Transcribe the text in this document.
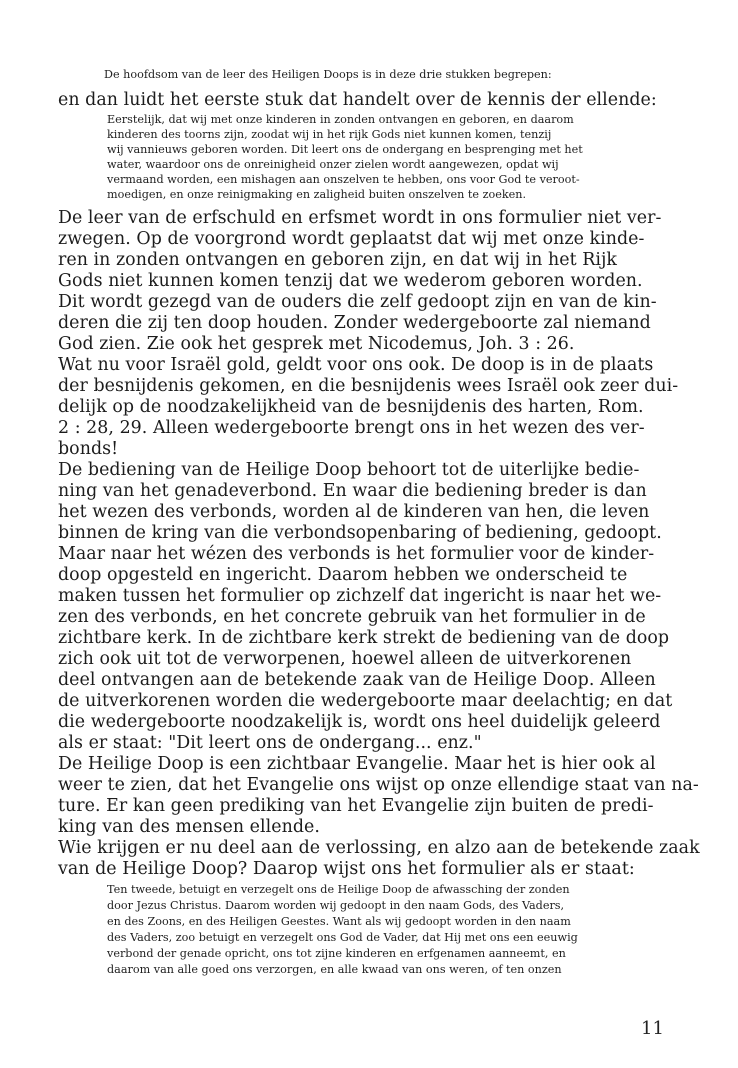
De hoofdsom van de leer des Heiligen Doops is in deze drie stukken begrepen:

en dan luidt het eerste stuk dat handelt over de kennis der ellende:

Eerstelijk, dat wij met onze kinderen in zonden ontvangen en geboren, en daarom

kinderen des toorns zijn, zoodat wij in het rijk Gods niet kunnen komen, tenzij

wij vannieuws geboren worden. Dit leert ons de ondergang en besprenging met het

water, waardoor ons de onreinigheid onzer zielen wordt aangewezen, opdat wij

vermaand worden, een mishagen aan onszelven te hebben, ons voor God te veroot-

moedigen, en onze reinigmaking en zaligheid buiten onszelven te zoeken.

De leer van de erfschuld en erfsmet wordt in ons formulier niet ver-

zwegen. Op de voorgrond wordt geplaatst dat wij met onze kinde-

ren in zonden ontvangen en geboren zijn, en dat wij in het Rijk

Gods niet kunnen komen tenzij dat we wederom geboren worden.

Dit wordt gezegd van de ouders die zelf gedoopt zijn en van de kin-

deren die zij ten doop houden. Zonder wedergeboorte zal niemand

God zien. Zie ook het gesprek met Nicodemus, Joh. 3 : 26.

Wat nu voor Israël gold, geldt voor ons ook. De doop is in de plaats

der besnijdenis gekomen, en die besnijdenis wees Israël ook zeer dui-

delijk op de noodzakelijkheid van de besnijdenis des harten, Rom.

2 : 28, 29. Alleen wedergeboorte brengt ons in het wezen des ver-

bonds!

De bediening van de Heilige Doop behoort tot de uiterlijke bedie-

ning van het genadeverbond. En waar die bediening breder is dan

het wezen des verbonds, worden al de kinderen van hen, die leven

binnen de kring van die verbondsopenbaring of bediening, gedoopt.

Maar naar het wézen des verbonds is het formulier voor de kinder-

doop opgesteld en ingericht. Daarom hebben we onderscheid te

maken tussen het formulier op zichzelf dat ingericht is naar het we-

zen des verbonds, en het concrete gebruik van het formulier in de

zichtbare kerk. In de zichtbare kerk strekt de bediening van de doop

zich ook uit tot de verworpenen, hoewel alleen de uitverkorenen

deel ontvangen aan de betekende zaak van de Heilige Doop. Alleen

de uitverkorenen worden die wedergeboorte maar deelachtig; en dat

die wedergeboorte noodzakelijk is, wordt ons heel duidelijk geleerd

als er staat: "Dit leert ons de ondergang... enz."

De Heilige Doop is een zichtbaar Evangelie. Maar het is hier ook al

weer te zien, dat het Evangelie ons wijst op onze ellendige staat van na-

ture. Er kan geen prediking van het Evangelie zijn buiten de predi-

king van des mensen ellende.

Wie krijgen er nu deel aan de verlossing, en alzo aan de betekende zaak

van de Heilige Doop? Daarop wijst ons het formulier als er staat:

Ten tweede, betuigt en verzegelt ons de Heilige Doop de afwassching der zonden

door Jezus Christus. Daarom worden wij gedoopt in den naam Gods, des Vaders,

en des Zoons, en des Heiligen Geestes. Want als wij gedoopt worden in den naam

des Vaders, zoo betuigt en verzegelt ons God de Vader, dat Hij met ons een eeuwig

verbond der genade opricht, ons tot zijne kinderen en erfgenamen aanneemt, en

daarom van alle goed ons verzorgen, en alle kwaad van ons weren, of ten onzen

11
